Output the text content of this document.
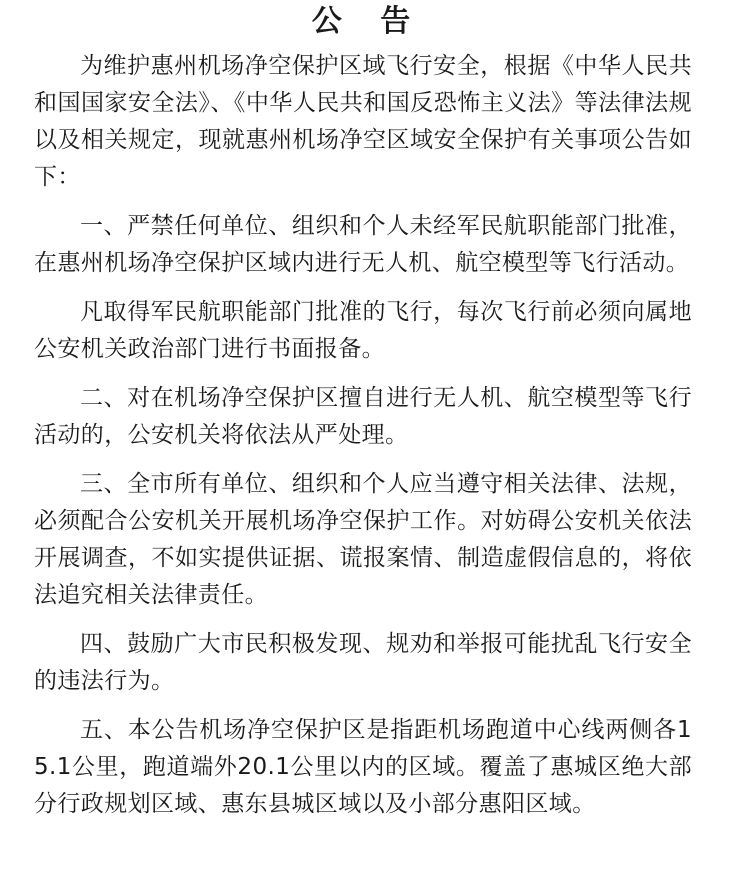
公 告

为维护惠州机场净空保护区域飞行安全，根据《中华人民共和国国家安全法》、《中华人民共和国反恐怖主义法》等法律法规以及相关规定，现就惠州机场净空区域安全保护有关事项公告如下：

一、严禁任何单位、组织和个人未经军民航职能部门批准，在惠州机场净空保护区域内进行无人机、航空模型等飞行活动。

凡取得军民航职能部门批准的飞行，每次飞行前必须向属地公安机关政治部门进行书面报备。

二、对在机场净空保护区擅自进行无人机、航空模型等飞行活动的，公安机关将依法从严处理。

三、全市所有单位、组织和个人应当遵守相关法律、法规，必须配合公安机关开展机场净空保护工作。对妨碍公安机关依法开展调查，不如实提供证据、谎报案情、制造虚假信息的，将依法追究相关法律责任。

四、鼓励广大市民积极发现、规劝和举报可能扰乱飞行安全的违法行为。

五、本公告机场净空保护区是指距机场跑道中心线两侧各15.1公里，跑道端外20.1公里以内的区域。覆盖了惠城区绝大部分行政规划区域、惠东县城区域以及小部分惠阳区域。
